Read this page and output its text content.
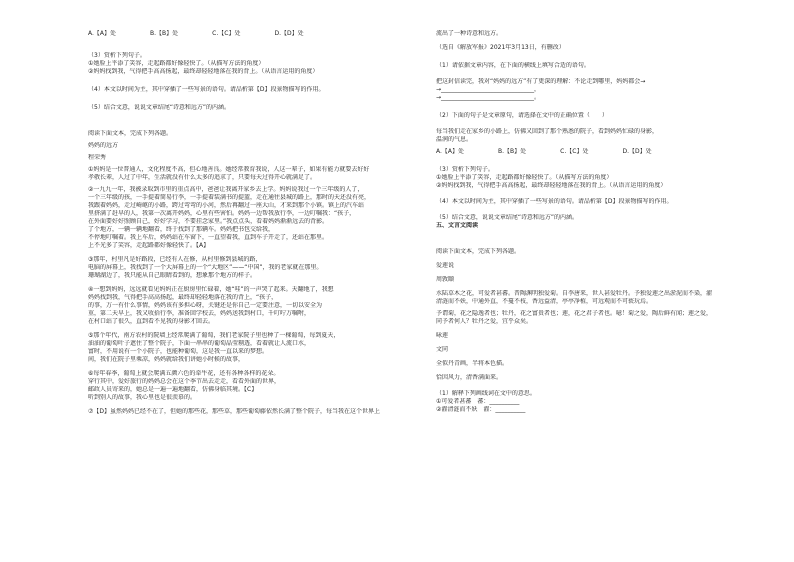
A.【A】处	B.【B】处	C.【C】处	D.【D】处
（3）赏析下列句子。
①她脸上平添了笑容，走起路都好像轻快了。（从描写方法的角度）
②妈妈找到我，气得把手高高扬起，最终却轻轻地落在我的背上。（从语言运用的角度）
（4）本文以时间为主，其中穿插了一些写景的语句。请品析第【D】段景物描写的作用。
（5）结合文意，说说文章结尾“诗意和远方”的内涵。
阅读下面文本，完成下列各题。
妈妈的远方
程荣秀
①妈妈是一位普通人，文化程度不高，但心地善良。她经常教育我说，人这一辈子，如果有能力就要去好好
孝敬长辈，人过了中年，生活就没有什么太多的追求了，只要每天过得开心就满足了。
②一九九一年，我被录取到市里的重点高中，爸爸让我离开家乡去上学。妈妈说我过一个三年级的人了，
一个三年级的孩，一手提着简易行李，一手提着装满书的提篮，走在通往县城的路上，那时的天还没有亮，
我跟着妈妈，走过崎岖的小路，跨过弯弯的小河，然后再翻过一座大山，才来到那个小镇。镇上的汽车站
里挤满了赶早的人，我第一次离开妈妈，心里有些害怕。妈妈一边帮我放行李，一边叮嘱我：“孩子，
在外面要好好照顾自己，好好学习，不要挂念家里。”我点点头，看着妈妈渐渐远去的背影。
了个地方，一辆一辆地翻看，终于找到了那辆车。妈妈把书包交给我，
不停地叮嘱着。我上车后，妈妈站在车窗下，一直望着我，直到车子开走了，还站在那里。
上不光多了笑容，走起路都好像轻快了。【A】
③那年，村里凡是好路段，已经有人在修，从村里修到县城的路，
电脑的屏幕上，我找到了一个大屏幕上的一个“大地区”——“中国”，我的老家就在那里。
珊瑚湖边了，我只能从自己眼睛看到的，想象那个地方的样子。
④一想到妈妈，远远就看见妈妈正在厨房里忙碌着，她“哇”的一声哭了起来。天翻地了，我想
妈妈找到我，气得把手高高扬起，最终却轻轻地落在我的背上，“孩子，
的事，万一有什么事情，妈妈该有多担心呀，关键还是你自己一定要注意，一切以安全为
重，第二天早上，我又收拾行李，准备回学校去，妈妈送我到村口，千叮咛万嘱咐，
在村口站了很久，直到看不见我的身影才回去。
⑤那个年代，南方农村的院墙上经常爬满了葡萄，我们老家院子里也种了一棵葡萄，每到夏天，
油油的葡萄叶子遮住了整个院子，下面一串串的葡萄晶莹剔透，看着就让人流口水，
富时，不用说有一个小院子，也能种葡萄，这是我一直以来的梦想。
间，我们在院子里乘凉，妈妈就给我们讲她小时候的故事，
⑥每年春季，葡萄上就会爬满五颜六色的牵牛花，还有各种各样的花朵。
穿行其中，爱好旅行的妈妈总会在这个季节出去走走，看看外面的世界，
邮政人员寄来的，她总是一遍一遍地翻看，仿佛身临其境。【C】
听到别人的故事，我心里也是很羡慕的。
⑦【D】虽然妈妈已经不在了，但她的那些花，那些草，那些葡萄藤依然长满了整个院子，每当我在这个世界上
流出了一种诗意和远方。
（选自《解放军报》2021年3月13日，有删改）
（1）请依据文章内容，在下面的横线上填写合适的语句。
把这封信读完，我对“妈妈的远方”有了更深的理解：不论走到哪里，妈妈都会→
→_______________________________，
→_______________________________。
（2）下面的句子是文章原句，请选择在文中的正确位置（　　）
每当我们走在家乡的小路上，仿佛又回到了那个熟悉的院子，看到妈妈忙碌的身影，
温润的气息。
A.【A】处	B.【B】处	C.【C】处	D.【D】处
（3）赏析下列句子。
①她脸上平添了笑容，走起路都好像轻快了。（从描写方法的角度）
②妈妈找到我，气得把手高高扬起，最终却轻轻地落在我的背上。（从语言运用的角度）
（4）本文以时间为主，其中穿插了一些写景的语句。请品析第【D】段景物描写的作用。
（5）结合文意，说说文章结尾“诗意和远方”的内涵。
五、文言文阅读
阅读下面文本，完成下列各题。
爱莲说
周敦颐
水陆草木之花，可爱者甚蕃。晋陶渊明独爱菊。自李唐来，世人甚爱牡丹。予独爱莲之出淤泥而不染，濯
清涟而不妖，中通外直，不蔓不枝，香远益清，亭亭净植，可远观而不可亵玩焉。
予谓菊，花之隐逸者也；牡丹，花之富贵者也；莲，花之君子者也。噫！菊之爱，陶后鲜有闻；莲之爱，
同予者何人？牡丹之爱，宜乎众矣。
咏莲
文同
全似丹青画，半将本色描。
恰因风力，清香满面来。
（1）解释下列画线词在文中的意思。
①可爱者甚蕃　蕃：__________
②濯清涟而不妖　濯：__________
